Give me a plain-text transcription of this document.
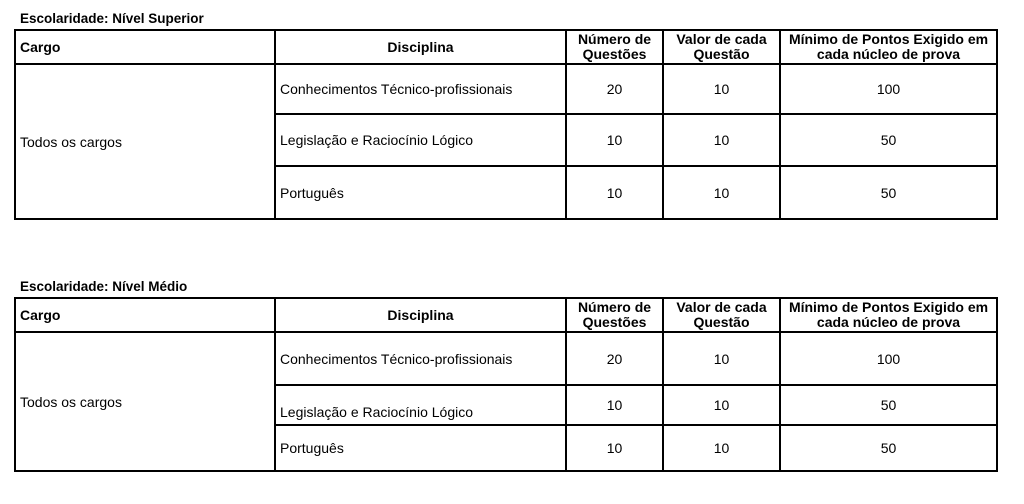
Escolaridade: Nível Superior
Cargo	Disciplina	Número de Questões	Valor de cada Questão	Mínimo de Pontos Exigido em cada núcleo de prova
Todos os cargos	Conhecimentos Técnico-profissionais	20	10	100
	Legislação e Raciocínio Lógico	10	10	50
	Português	10	10	50
Escolaridade: Nível Médio
Cargo	Disciplina	Número de Questões	Valor de cada Questão	Mínimo de Pontos Exigido em cada núcleo de prova
Todos os cargos	Conhecimentos Técnico-profissionais	20	10	100
	Legislação e Raciocínio Lógico	10	10	50
	Português	10	10	50
